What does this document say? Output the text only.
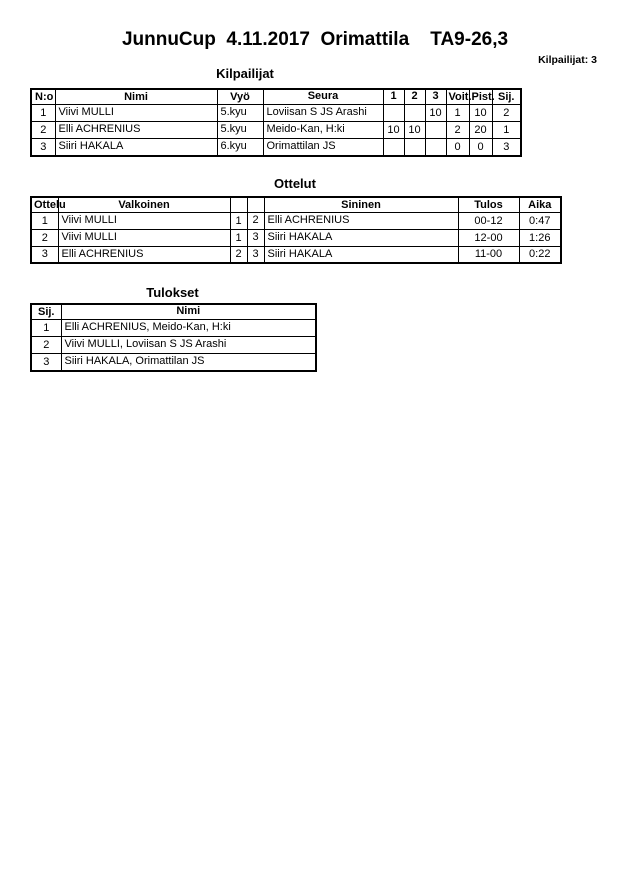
JunnuCup  4.11.2017  Orimattila    TA9-26,3
Kilpailijat: 3
Kilpailijat
N:o	Nimi	Vyö	Seura	1	2	3	Voit.	Pist.	Sij.
1	Viivi MULLI	5.kyu	Loviisan S JS Arashi			10	1	10	2
2	Elli ACHRENIUS	5.kyu	Meido-Kan, H:ki	10	10		2	20	1
3	Siiri HAKALA	6.kyu	Orimattilan JS				0	0	3
Ottelut
Ottelu	Valkoinen			Sininen	Tulos	Aika
1	Viivi MULLI	1	2	Elli ACHRENIUS	00-12	0:47
2	Viivi MULLI	1	3	Siiri HAKALA	12-00	1:26
3	Elli ACHRENIUS	2	3	Siiri HAKALA	11-00	0:22
Tulokset
Sij.	Nimi
1	Elli ACHRENIUS, Meido-Kan, H:ki
2	Viivi MULLI, Loviisan S JS Arashi
3	Siiri HAKALA, Orimattilan JS
